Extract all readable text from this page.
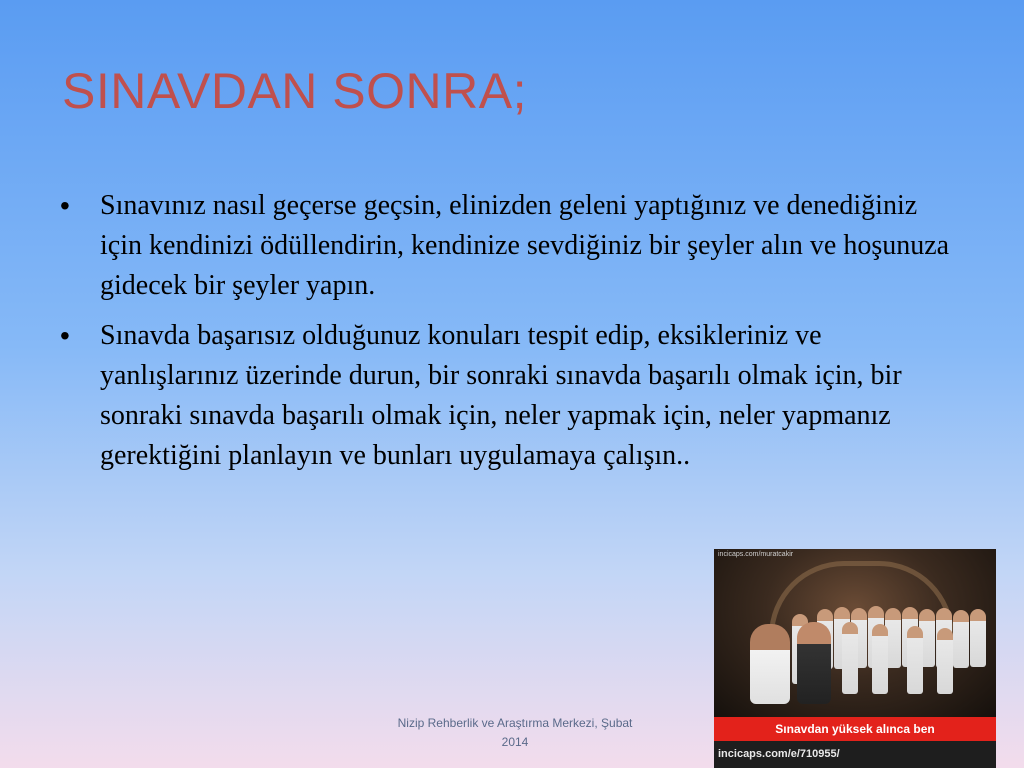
SINAVDAN SONRA;
•	Sınavınız nasıl geçerse geçsin, elinizden geleni yaptığınız ve denediğiniz için kendinizi ödüllendirin, kendinize sevdiğiniz bir şeyler alın ve hoşunuza gidecek bir şeyler yapın.
•	Sınavda başarısız olduğunuz konuları tespit edip, eksikleriniz ve yanlışlarınız üzerinde durun, bir sonraki sınavda başarılı olmak için, bir sonraki sınavda başarılı olmak için, neler yapmak için, neler yapmanız gerektiğini planlayın ve bunları uygulamaya çalışın..
incicaps.com/muratcakir
Sınavdan yüksek alınca ben
incicaps.com/e/710955/
Nizip Rehberlik ve Araştırma Merkezi, Şubat
2014
